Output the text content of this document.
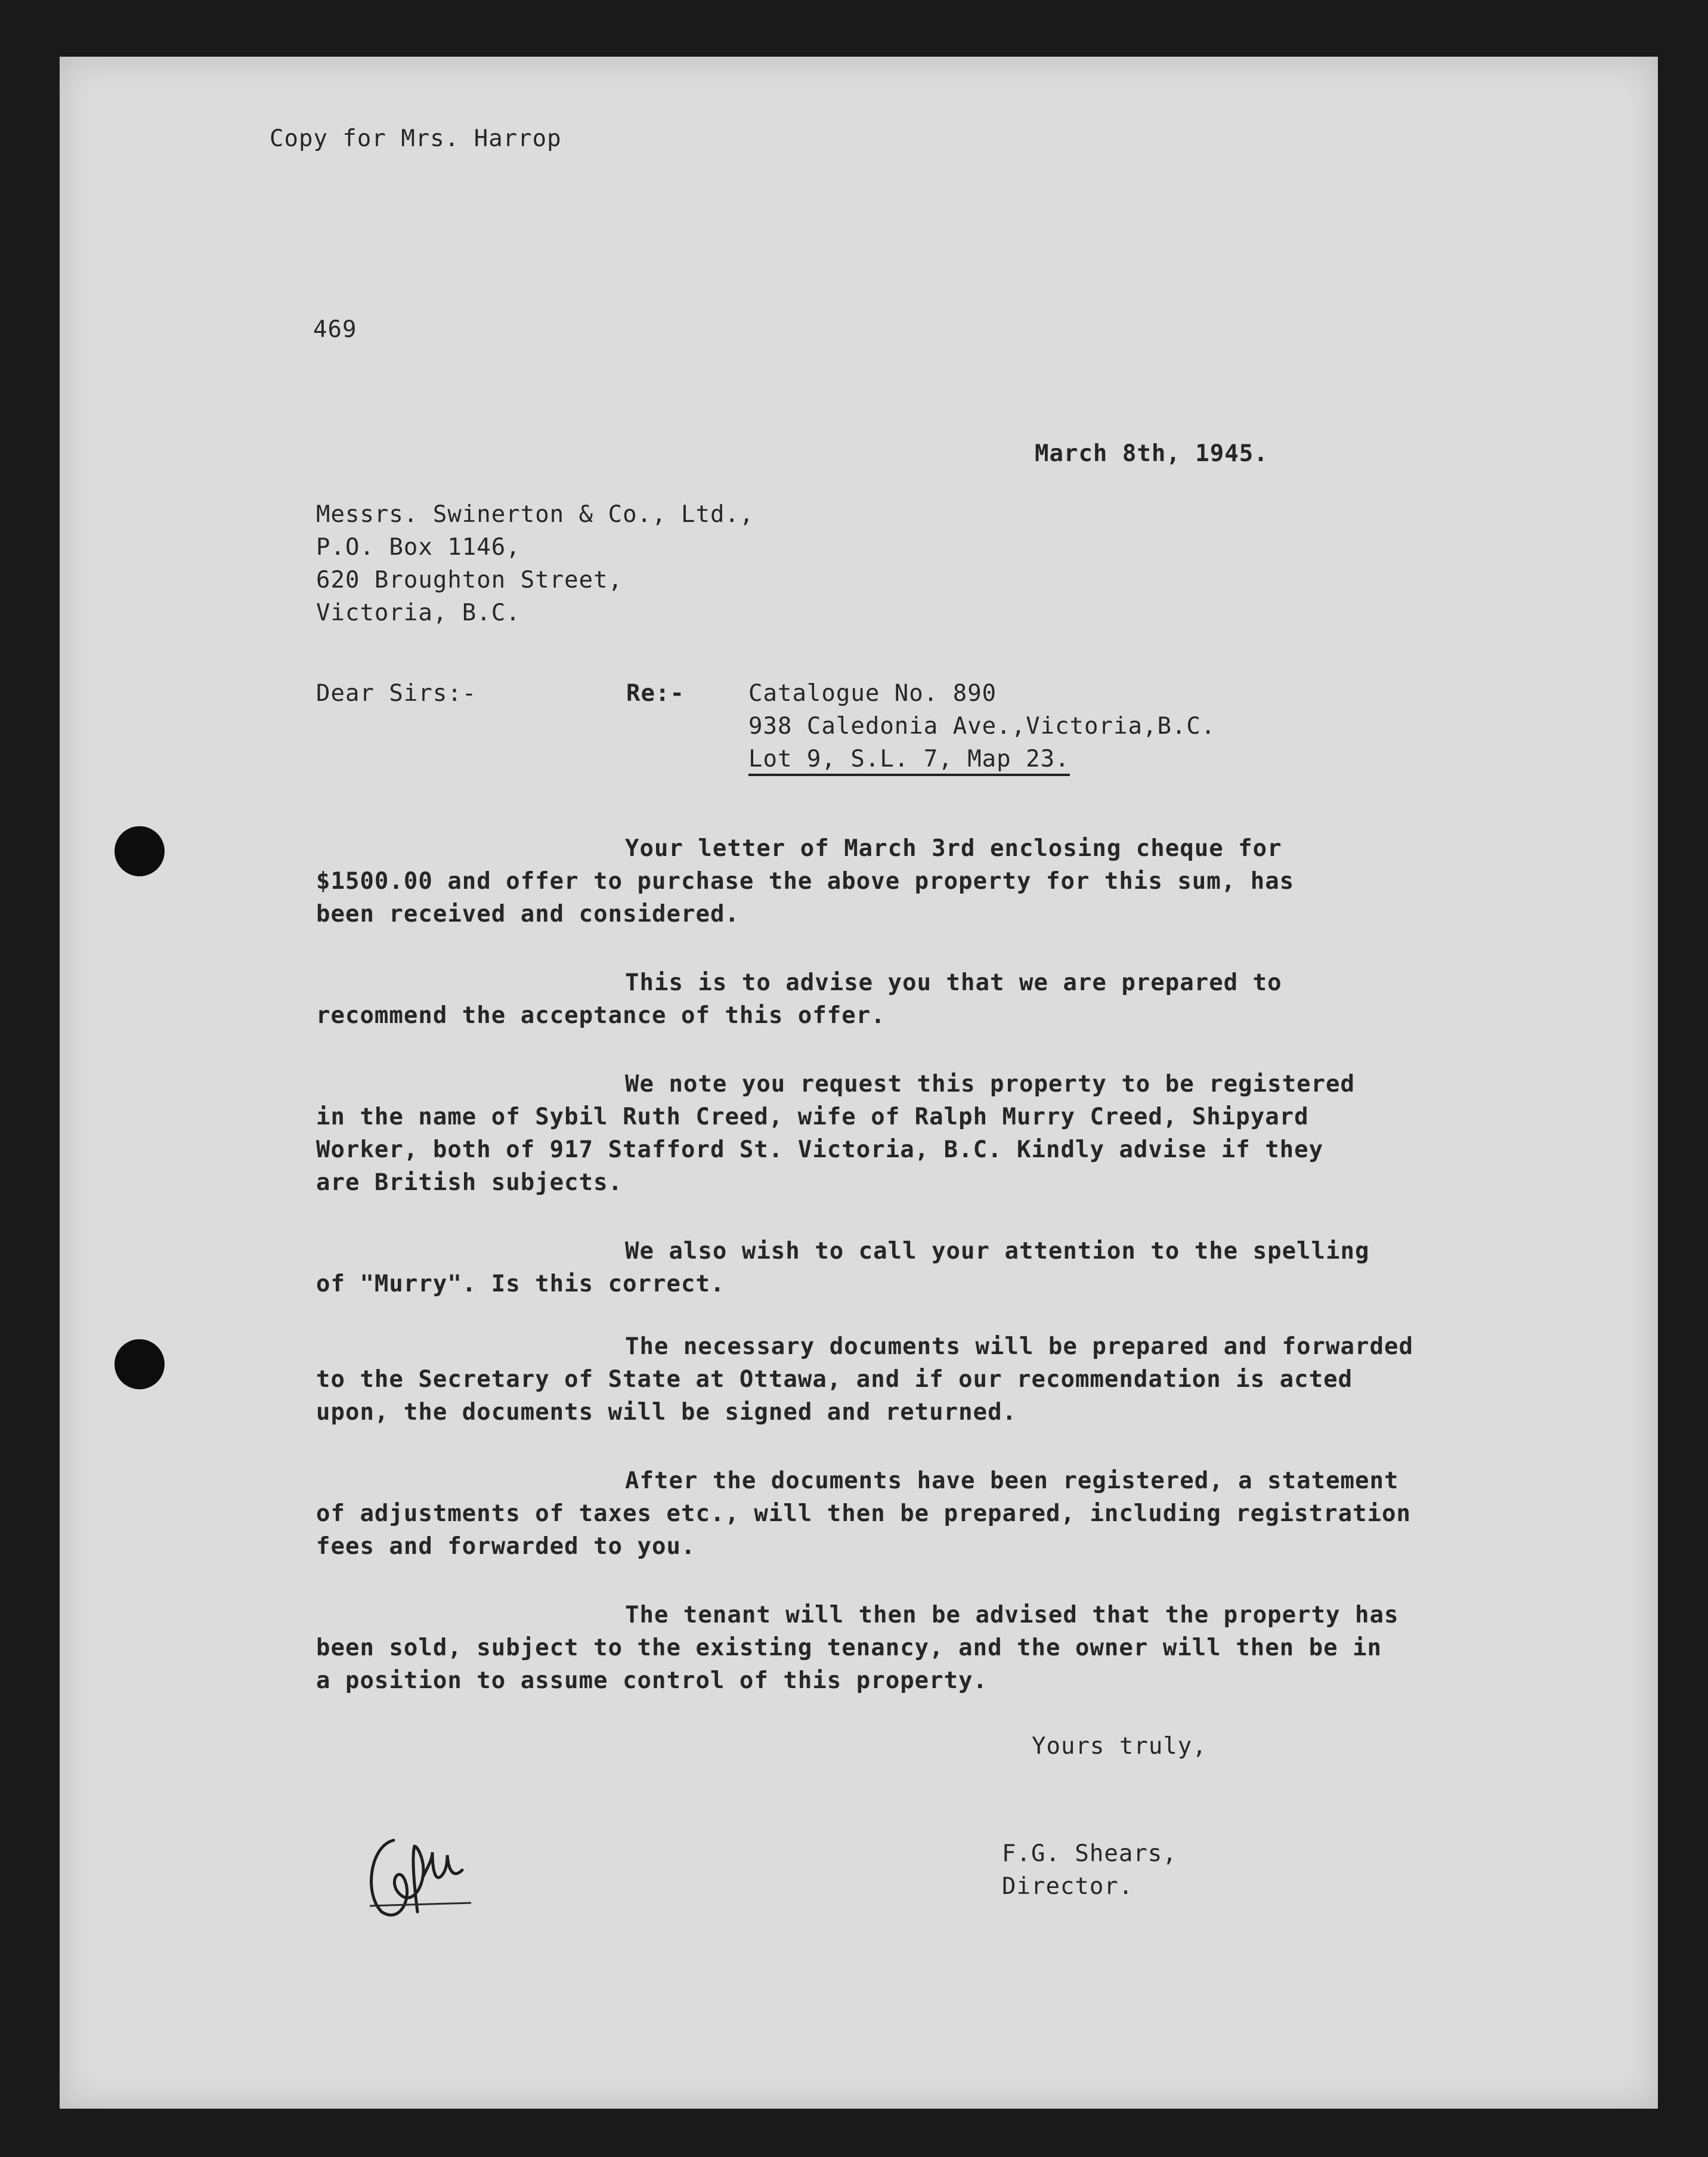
Copy for Mrs. Harrop
469
March 8th, 1945.
Messrs. Swinerton & Co., Ltd.,
P.O. Box 1146,
620 Broughton Street,
Victoria, B.C.
Dear Sirs:-	Re:-	Catalogue No. 890
938 Caledonia Ave.,Victoria,B.C.
Lot 9, S.L. 7, Map 23.
Your letter of March 3rd enclosing cheque for
$1500.00 and offer to purchase the above property for this sum, has
been received and considered.
This is to advise you that we are prepared to
recommend the acceptance of this offer.
We note you request this property to be registered
in the name of Sybil Ruth Creed, wife of Ralph Murry Creed, Shipyard
Worker, both of 917 Stafford St. Victoria, B.C. Kindly advise if they
are British subjects.
We also wish to call your attention to the spelling
of "Murry". Is this correct.
The necessary documents will be prepared and forwarded
to the Secretary of State at Ottawa, and if our recommendation is acted
upon, the documents will be signed and returned.
After the documents have been registered, a statement
of adjustments of taxes etc., will then be prepared, including registration
fees and forwarded to you.
The tenant will then be advised that the property has
been sold, subject to the existing tenancy, and the owner will then be in
a position to assume control of this property.
Yours truly,
F.G. Shears,
Director.
